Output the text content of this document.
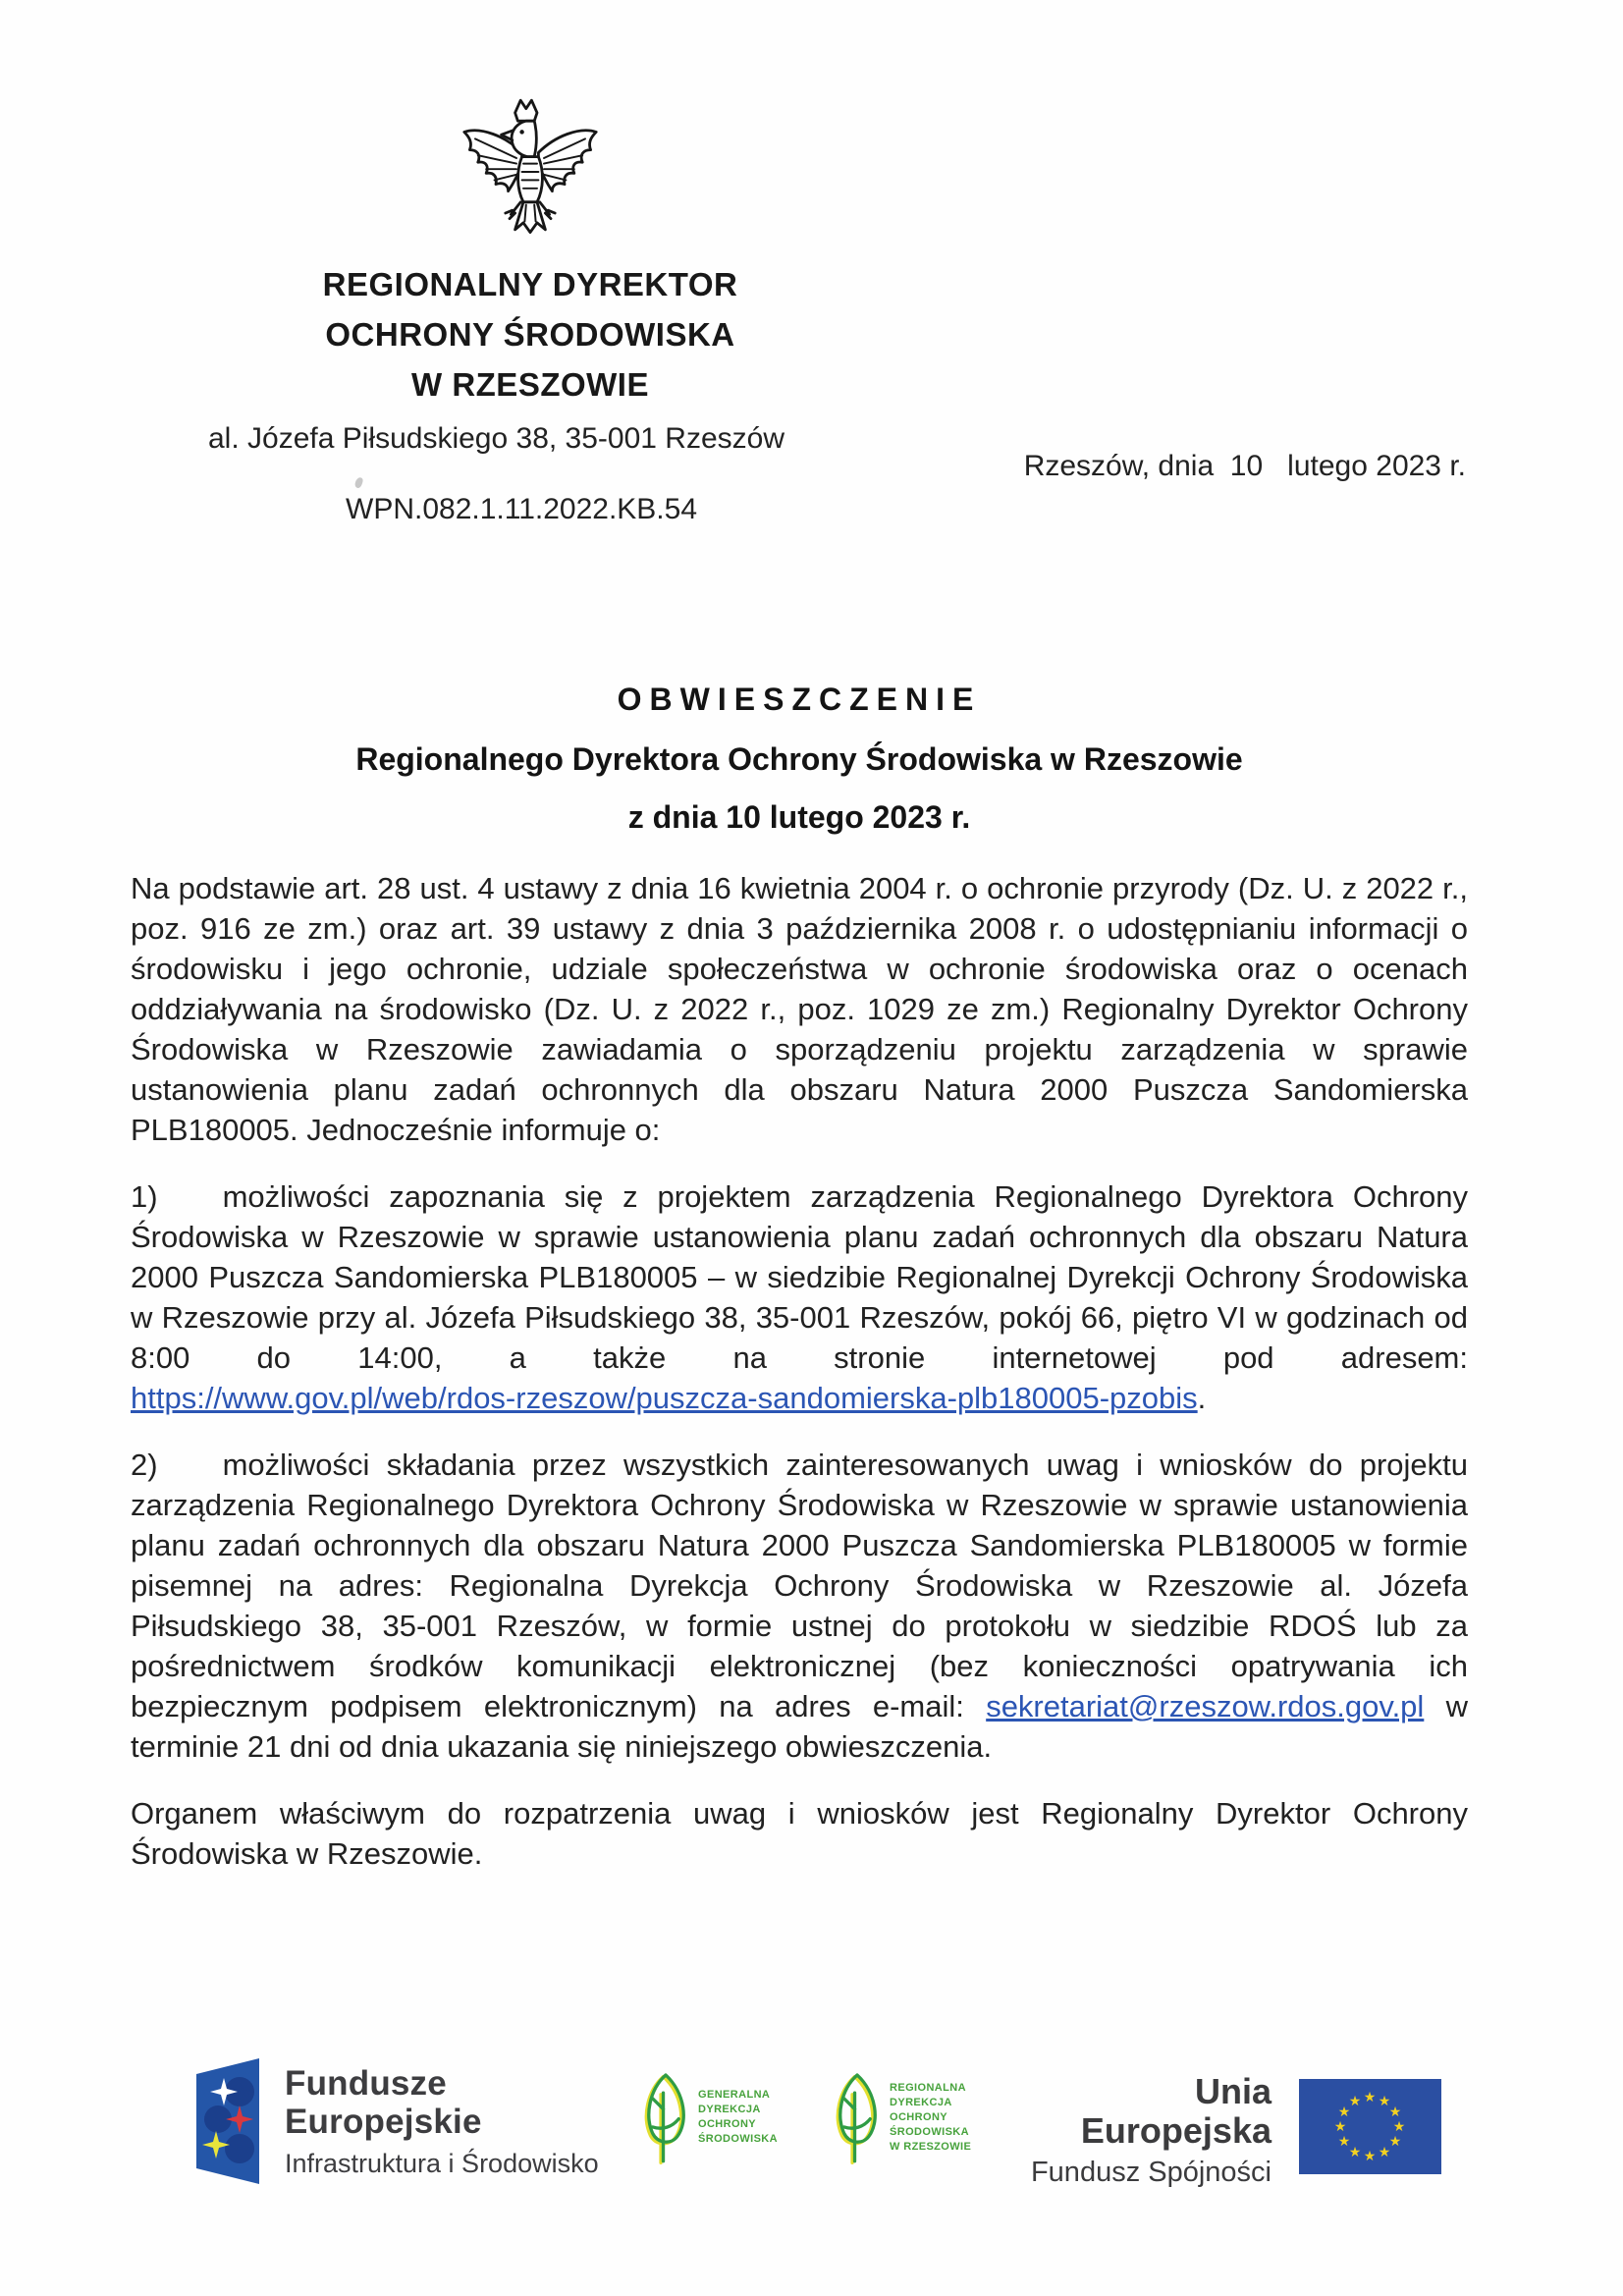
REGIONALNY DYREKTOR
OCHRONY ŚRODOWISKA
W RZESZOWIE
al. Józefa Piłsudskiego 38, 35-001 Rzeszów
WPN.082.1.11.2022.KB.54
Rzeszów, dnia  10   lutego 2023 r.
OBWIESZCZENIE
Regionalnego Dyrektora Ochrony Środowiska w Rzeszowie
z dnia 10 lutego 2023 r.

Na podstawie art. 28 ust. 4 ustawy z dnia 16 kwietnia 2004 r. o ochronie przyrody (Dz. U. z 2022 r., poz. 916 ze zm.) oraz art. 39 ustawy z dnia 3 października 2008 r. o udostępnianiu informacji o środowisku i jego ochronie, udziale społeczeństwa w ochronie środowiska oraz o ocenach oddziaływania na środowisko (Dz. U. z 2022 r., poz. 1029 ze zm.) Regionalny Dyrektor Ochrony Środowiska w Rzeszowie zawiadamia o sporządzeniu projektu zarządzenia w sprawie ustanowienia planu zadań ochronnych dla obszaru Natura 2000 Puszcza Sandomierska PLB180005. Jednocześnie informuje o:

1) możliwości zapoznania się z projektem zarządzenia Regionalnego Dyrektora Ochrony Środowiska w Rzeszowie w sprawie ustanowienia planu zadań ochronnych dla obszaru Natura 2000 Puszcza Sandomierska PLB180005 – w siedzibie Regionalnej Dyrekcji Ochrony Środowiska w Rzeszowie przy al. Józefa Piłsudskiego 38, 35-001 Rzeszów, pokój 66, piętro VI w godzinach od 8:00 do 14:00, a także na stronie internetowej pod adresem: https://www.gov.pl/web/rdos-rzeszow/puszcza-sandomierska-plb180005-pzobis.

2) możliwości składania przez wszystkich zainteresowanych uwag i wniosków do projektu zarządzenia Regionalnego Dyrektora Ochrony Środowiska w Rzeszowie w sprawie ustanowienia planu zadań ochronnych dla obszaru Natura 2000 Puszcza Sandomierska PLB180005 w formie pisemnej na adres: Regionalna Dyrekcja Ochrony Środowiska w Rzeszowie al. Józefa Piłsudskiego 38, 35-001 Rzeszów, w formie ustnej do protokołu w siedzibie RDOŚ lub za pośrednictwem środków komunikacji elektronicznej (bez konieczności opatrywania ich bezpiecznym podpisem elektronicznym) na adres e-mail: sekretariat@rzeszow.rdos.gov.pl w terminie 21 dni od dnia ukazania się niniejszego obwieszczenia.

Organem właściwym do rozpatrzenia uwag i wniosków jest Regionalny Dyrektor Ochrony Środowiska w Rzeszowie.

Fundusze
Europejskie
Infrastruktura i Środowisko
GENERALNA
DYREKCJA
OCHRONY
ŚRODOWISKA
REGIONALNA
DYREKCJA
OCHRONY
ŚRODOWISKA
W RZESZOWIE
Unia Europejska
Fundusz Spójności
★ ★
★
★
★
★
★
★
★
★
★
★
